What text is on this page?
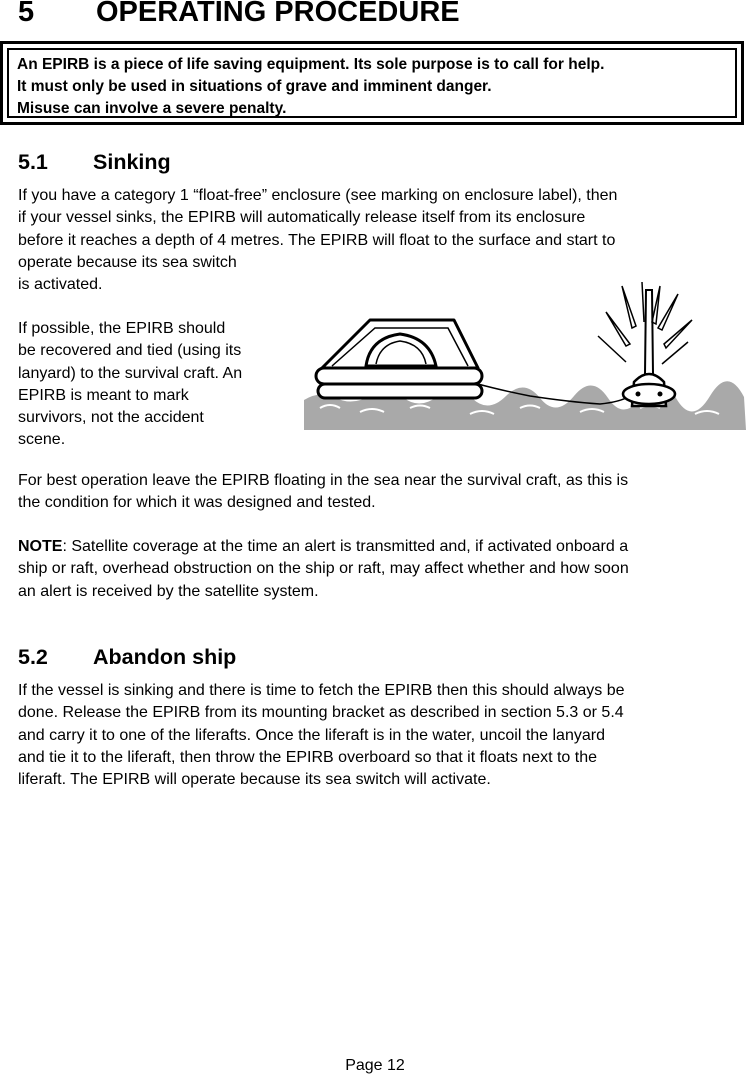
5 OPERATING PROCEDURE
An EPIRB is a piece of life saving equipment. Its sole purpose is to call for help.
It must only be used in situations of grave and imminent danger.
Misuse can involve a severe penalty.
5.1 Sinking

If you have a category 1 “float-free” enclosure (see marking on enclosure label), then
if your vessel sinks, the EPIRB will automatically release itself from its enclosure
before it reaches a depth of 4 metres. The EPIRB will float to the surface and start to
operate because its sea switch
is activated.

If possible, the EPIRB should
be recovered and tied (using its
lanyard) to the survival craft. An
EPIRB is meant to mark
survivors, not the accident
scene.

For best operation leave the EPIRB floating in the sea near the survival craft, as this is
the condition for which it was designed and tested.

NOTE: Satellite coverage at the time an alert is transmitted and, if activated onboard a
ship or raft, overhead obstruction on the ship or raft, may affect whether and how soon
an alert is received by the satellite system.

5.2 Abandon ship

If the vessel is sinking and there is time to fetch the EPIRB then this should always be
done. Release the EPIRB from its mounting bracket as described in section 5.3 or 5.4
and carry it to one of the liferafts. Once the liferaft is in the water, uncoil the lanyard
and tie it to the liferaft, then throw the EPIRB overboard so that it floats next to the
liferaft. The EPIRB will operate because its sea switch will activate.

Page 12
